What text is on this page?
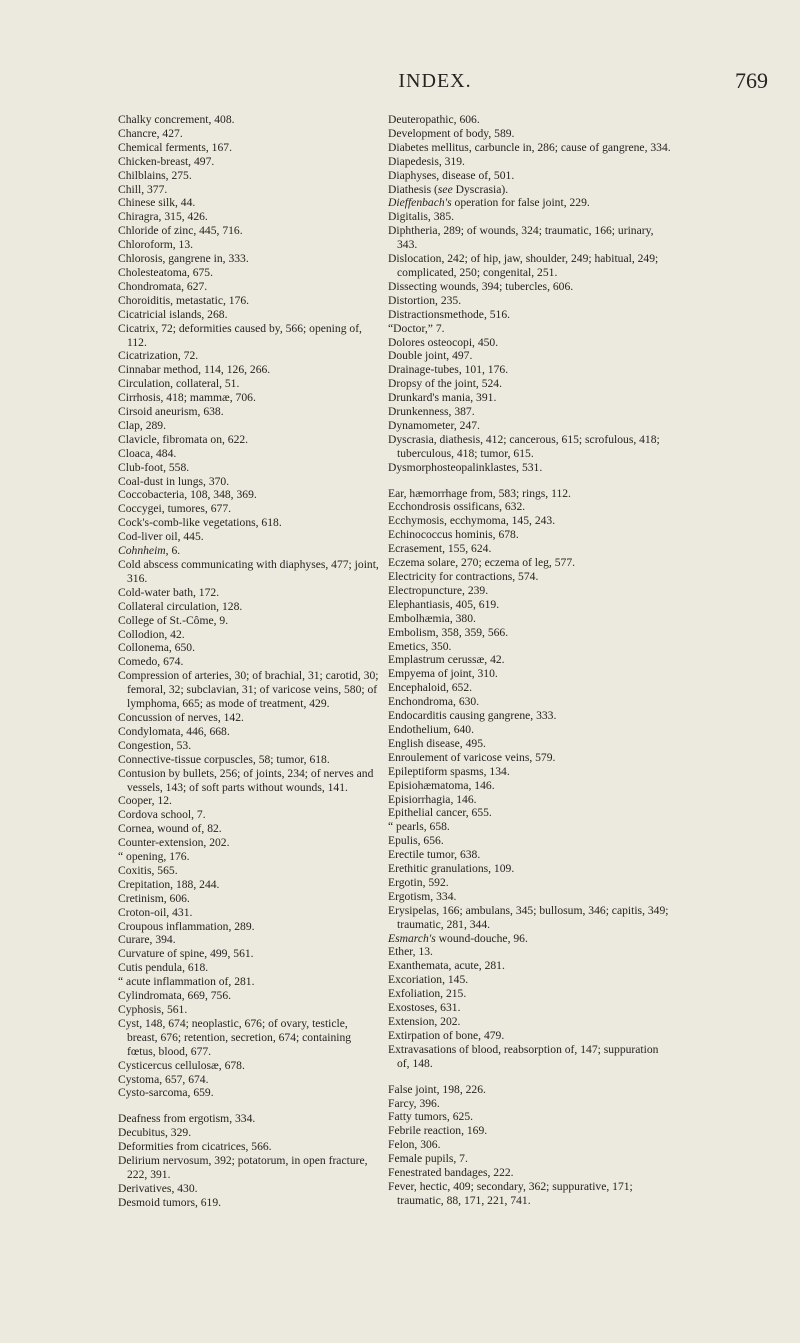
INDEX.	769
Chalky concrement, 408.
Chancre, 427.
Chemical ferments, 167.
Chicken-breast, 497.
Chilblains, 275.
Chill, 377.
Chinese silk, 44.
Chiragra, 315, 426.
Chloride of zinc, 445, 716.
Chloroform, 13.
Chlorosis, gangrene in, 333.
Cholesteatoma, 675.
Chondromata, 627.
Choroiditis, metastatic, 176.
Cicatricial islands, 268.
Cicatrix, 72; deformities caused by, 566; opening of, 112.
Cicatrization, 72.
Cinnabar method, 114, 126, 266.
Circulation, collateral, 51.
Cirrhosis, 418; mammæ, 706.
Cirsoid aneurism, 638.
Clap, 289.
Clavicle, fibromata on, 622.
Cloaca, 484.
Club-foot, 558.
Coal-dust in lungs, 370.
Coccobacteria, 108, 348, 369.
Coccygei, tumores, 677.
Cock's-comb-like vegetations, 618.
Cod-liver oil, 445.
Cohnheim, 6.
Cold abscess communicating with diaphyses, 477; joint, 316.
Cold-water bath, 172.
Collateral circulation, 128.
College of St.-Côme, 9.
Collodion, 42.
Collonema, 650.
Comedo, 674.
Compression of arteries, 30; of brachial, 31; carotid, 30; femoral, 32; subclavian, 31; of varicose veins, 580; of lymphoma, 665; as mode of treatment, 429.
Concussion of nerves, 142.
Condylomata, 446, 668.
Congestion, 53.
Connective-tissue corpuscles, 58; tumor, 618.
Contusion by bullets, 256; of joints, 234; of nerves and vessels, 143; of soft parts without wounds, 141.
Cooper, 12.
Cordova school, 7.
Cornea, wound of, 82.
Counter-extension, 202.
“ opening, 176.
Coxitis, 565.
Crepitation, 188, 244.
Cretinism, 606.
Croton-oil, 431.
Croupous inflammation, 289.
Curare, 394.
Curvature of spine, 499, 561.
Cutis pendula, 618.
“ acute inflammation of, 281.
Cylindromata, 669, 756.
Cyphosis, 561.
Cyst, 148, 674; neoplastic, 676; of ovary, testicle, breast, 676; retention, secretion, 674; containing fœtus, blood, 677.
Cysticercus cellulosæ, 678.
Cystoma, 657, 674.
Cysto-sarcoma, 659.
Deafness from ergotism, 334.
Decubitus, 329.
Deformities from cicatrices, 566.
Delirium nervosum, 392; potatorum, in open fracture, 222, 391.
Derivatives, 430.
Desmoid tumors, 619.
Deuteropathic, 606.
Development of body, 589.
Diabetes mellitus, carbuncle in, 286; cause of gangrene, 334.
Diapedesis, 319.
Diaphyses, disease of, 501.
Diathesis (see Dyscrasia).
Dieffenbach's operation for false joint, 229.
Digitalis, 385.
Diphtheria, 289; of wounds, 324; traumatic, 166; urinary, 343.
Dislocation, 242; of hip, jaw, shoulder, 249; habitual, 249; complicated, 250; congenital, 251.
Dissecting wounds, 394; tubercles, 606.
Distortion, 235.
Distractionsmethode, 516.
“Doctor,” 7.
Dolores osteocopi, 450.
Double joint, 497.
Drainage-tubes, 101, 176.
Dropsy of the joint, 524.
Drunkard's mania, 391.
Drunkenness, 387.
Dynamometer, 247.
Dyscrasia, diathesis, 412; cancerous, 615; scrofulous, 418; tuberculous, 418; tumor, 615.
Dysmorphosteopalinklastes, 531.
Ear, hæmorrhage from, 583; rings, 112.
Ecchondrosis ossificans, 632.
Ecchymosis, ecchymoma, 145, 243.
Echinococcus hominis, 678.
Ecrasement, 155, 624.
Eczema solare, 270; eczema of leg, 577.
Electricity for contractions, 574.
Electropuncture, 239.
Elephantiasis, 405, 619.
Embolhæmia, 380.
Embolism, 358, 359, 566.
Emetics, 350.
Emplastrum cerussæ, 42.
Empyema of joint, 310.
Encephaloid, 652.
Enchondroma, 630.
Endocarditis causing gangrene, 333.
Endothelium, 640.
English disease, 495.
Enroulement of varicose veins, 579.
Epileptiform spasms, 134.
Episiohæmatoma, 146.
Episiorrhagia, 146.
Epithelial cancer, 655.
“ pearls, 658.
Epulis, 656.
Erectile tumor, 638.
Erethitic granulations, 109.
Ergotin, 592.
Ergotism, 334.
Erysipelas, 166; ambulans, 345; bullosum, 346; capitis, 349; traumatic, 281, 344.
Esmarch's wound-douche, 96.
Ether, 13.
Exanthemata, acute, 281.
Excoriation, 145.
Exfoliation, 215.
Exostoses, 631.
Extension, 202.
Extirpation of bone, 479.
Extravasations of blood, reabsorption of, 147; suppuration of, 148.
False joint, 198, 226.
Farcy, 396.
Fatty tumors, 625.
Febrile reaction, 169.
Felon, 306.
Female pupils, 7.
Fenestrated bandages, 222.
Fever, hectic, 409; secondary, 362; suppurative, 171; traumatic, 88, 171, 221, 741.
